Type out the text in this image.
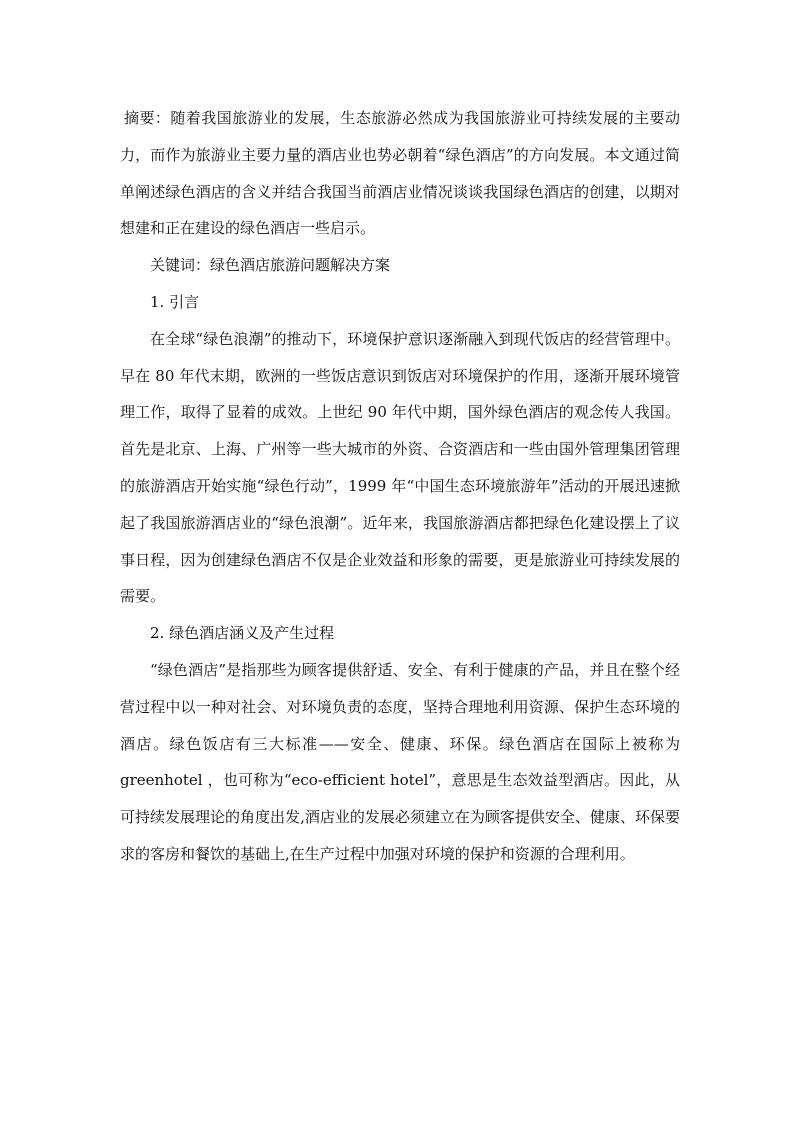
摘要：随着我国旅游业的发展，生态旅游必然成为我国旅游业可持续发展的主要动力，而作为旅游业主要力量的酒店业也势必朝着“绿色酒店”的方向发展。本文通过简单阐述绿色酒店的含义并结合我国当前酒店业情况谈谈我国绿色酒店的创建，以期对想建和正在建设的绿色酒店一些启示。

关键词：绿色酒店旅游问题解决方案

1. 引言

在全球“绿色浪潮”的推动下，环境保护意识逐渐融入到现代饭店的经营管理中。早在 80 年代末期，欧洲的一些饭店意识到饭店对环境保护的作用，逐渐开展环境管理工作，取得了显着的成效。上世纪 90 年代中期，国外绿色酒店的观念传人我国。首先是北京、上海、广州等一些大城市的外资、合资酒店和一些由国外管理集团管理的旅游酒店开始实施“绿色行动”，1999 年“中国生态环境旅游年”活动的开展迅速掀起了我国旅游酒店业的“绿色浪潮”。近年来，我国旅游酒店都把绿色化建设摆上了议事日程，因为创建绿色酒店不仅是企业效益和形象的需要，更是旅游业可持续发展的需要。

2. 绿色酒店涵义及产生过程

“绿色酒店”是指那些为顾客提供舒适、安全、有利于健康的产品，并且在整个经营过程中以一种对社会、对环境负责的态度，坚持合理地利用资源、保护生态环境的酒店。绿色饭店有三大标准——安全、健康、环保。绿色酒店在国际上被称为 greenhotel ，也可称为“eco-efficient hotel”，意思是生态效益型酒店。因此，从可持续发展理论的角度出发,酒店业的发展必须建立在为顾客提供安全、健康、环保要求的客房和餐饮的基础上,在生产过程中加强对环境的保护和资源的合理利用。
